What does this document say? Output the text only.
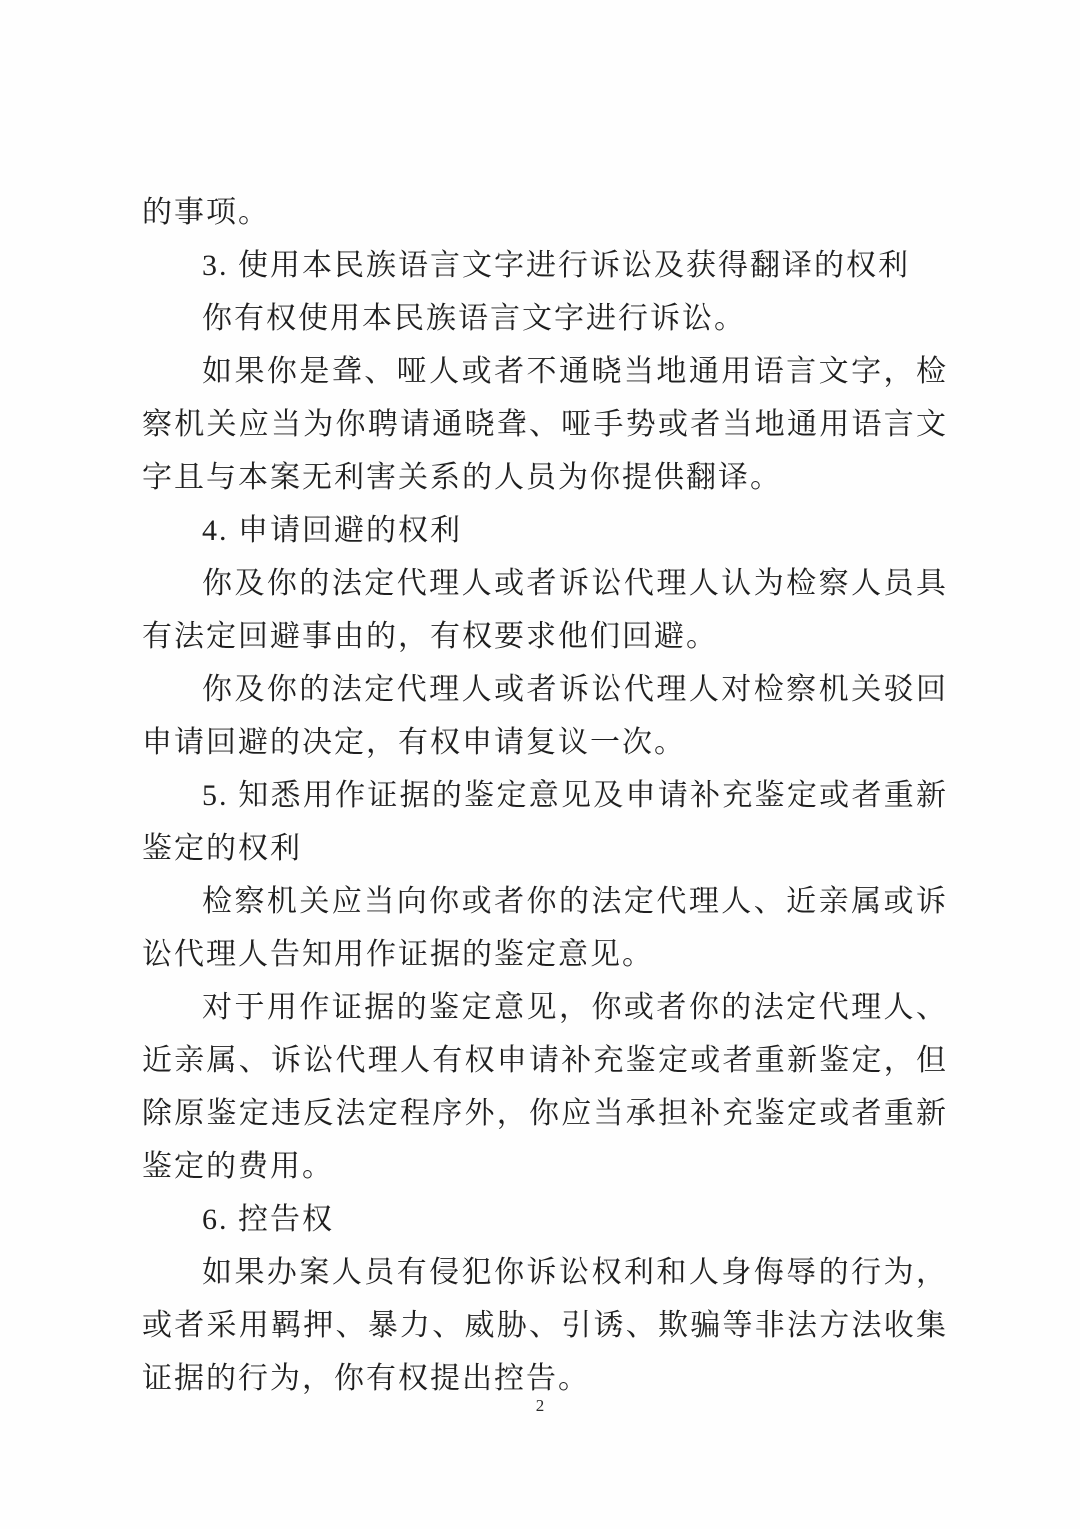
的事项。

3. 使用本民族语言文字进行诉讼及获得翻译的权利

你有权使用本民族语言文字进行诉讼。

如果你是聋、哑人或者不通晓当地通用语言文字，检察机关应当为你聘请通晓聋、哑手势或者当地通用语言文字且与本案无利害关系的人员为你提供翻译。

4. 申请回避的权利

你及你的法定代理人或者诉讼代理人认为检察人员具有法定回避事由的，有权要求他们回避。

你及你的法定代理人或者诉讼代理人对检察机关驳回申请回避的决定，有权申请复议一次。

5. 知悉用作证据的鉴定意见及申请补充鉴定或者重新鉴定的权利

检察机关应当向你或者你的法定代理人、近亲属或诉讼代理人告知用作证据的鉴定意见。

对于用作证据的鉴定意见，你或者你的法定代理人、近亲属、诉讼代理人有权申请补充鉴定或者重新鉴定，但除原鉴定违反法定程序外，你应当承担补充鉴定或者重新鉴定的费用。

6. 控告权

如果办案人员有侵犯你诉讼权利和人身侮辱的行为，或者采用羁押、暴力、威胁、引诱、欺骗等非法方法收集证据的行为，你有权提出控告。

2
